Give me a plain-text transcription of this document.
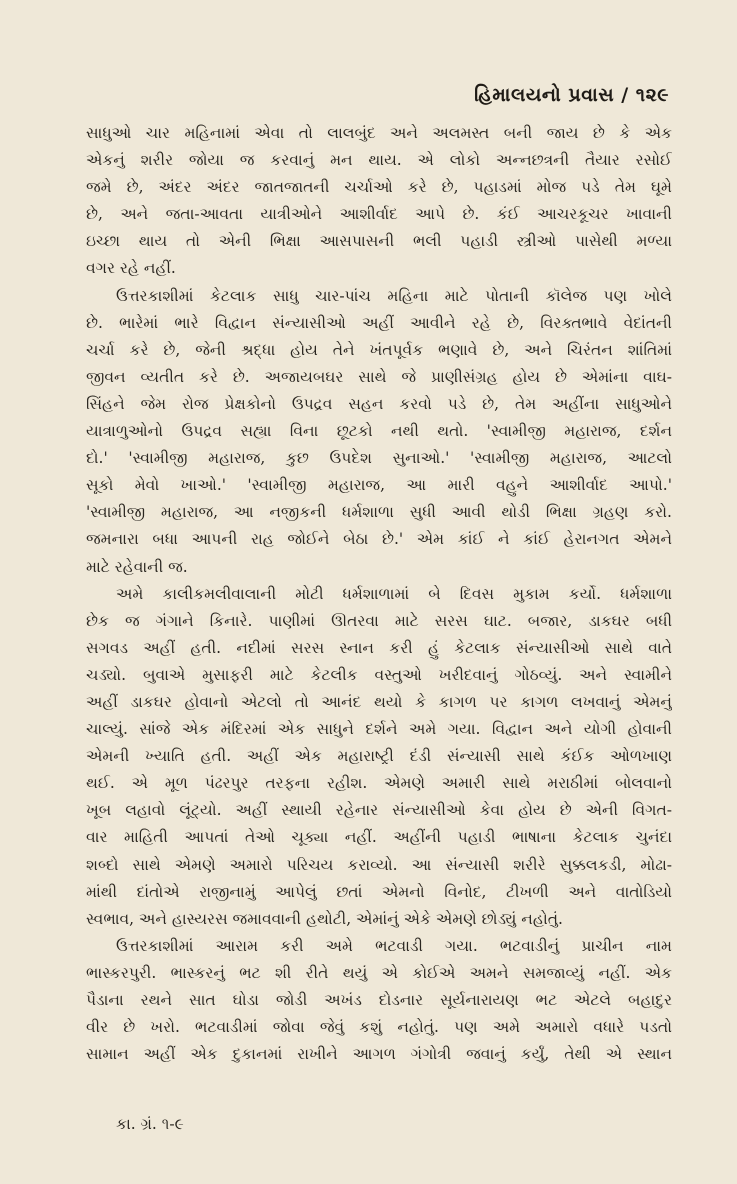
હિમાલયનો પ્રવાસ / ૧૨૯
સાધુઓ ચાર મહિનામાં એવા તો લાલબુંદ અને અલમસ્ત બની જાય છે કે એક
એકનું શરીર જોયા જ કરવાનું મન થાય. એ લોકો અન્નછત્રની તૈયાર રસોઈ
જમે છે, અંદર અંદર જાતજાતની ચર્ચાઓ કરે છે, પહાડમાં મોજ પડે તેમ ઘૂમે
છે, અને જતા-આવતા યાત્રીઓને આશીર્વાદ આપે છે. કંઈ આચરકૂચર ખાવાની
ઇચ્છા થાય તો એની ભિક્ષા આસપાસની ભલી પહાડી સ્ત્રીઓ પાસેથી મળ્યા
વગર રહે નહીં.
ઉત્તરકાશીમાં કેટલાક સાધુ ચાર-પાંચ મહિના માટે પોતાની કૉલેજ પણ ખોલે
છે. ભારેમાં ભારે વિદ્વાન સંન્યાસીઓ અહીં આવીને રહે છે, વિરક્તભાવે વેદાંતની
ચર્ચા કરે છે, જેની શ્રદ્ધા હોય તેને ખંતપૂર્વક ભણાવે છે, અને ચિરંતન શાંતિમાં
જીવન વ્યતીત કરે છે. અજાયબઘર સાથે જે પ્રાણીસંગ્રહ હોય છે એમાંના વાઘ-
સિંહને જેમ રોજ પ્રેક્ષકોનો ઉપદ્રવ સહન કરવો પડે છે, તેમ અહીંના સાધુઓને
યાત્રાળુઓનો ઉપદ્રવ સહ્યા વિના છૂટકો નથી થતો. 'સ્વામીજી મહારાજ, દર્શન
દો.' 'સ્વામીજી મહારાજ, કુછ ઉપદેશ સુનાઓ.' 'સ્વામીજી મહારાજ, આટલો
સૂકો મેવો ખાઓ.' 'સ્વામીજી મહારાજ, આ મારી વહુને આશીર્વાદ આપો.'
'સ્વામીજી મહારાજ, આ નજીકની ધર્મશાળા સુધી આવી થોડી ભિક્ષા ગ્રહણ કરો.
જમનારા બધા આપની રાહ જોઈને બેઠા છે.' એમ કાંઈ ને કાંઈ હેરાનગત એમને
માટે રહેવાની જ.
અમે કાલીકમલીવાલાની મોટી ધર્મશાળામાં બે દિવસ મુકામ કર્યો. ધર્મશાળા
છેક જ ગંગાને કિનારે. પાણીમાં ઊતરવા માટે સરસ ઘાટ. બજાર, ડાકઘર બધી
સગવડ અહીં હતી. નદીમાં સરસ સ્નાન કરી હું કેટલાક સંન્યાસીઓ સાથે વાતે
ચડ્યો. બુવાએ મુસાફરી માટે કેટલીક વસ્તુઓ ખરીદવાનું ગોઠવ્યું. અને સ્વામીને
અહીં ડાકઘર હોવાનો એટલો તો આનંદ થયો કે કાગળ પર કાગળ લખવાનું એમનું
ચાલ્યું. સાંજે એક મંદિરમાં એક સાધુને દર્શને અમે ગયા. વિદ્વાન અને યોગી હોવાની
એમની ખ્યાતિ હતી. અહીં એક મહારાષ્ટ્રી દંડી સંન્યાસી સાથે કંઈક ઓળખાણ
થઈ. એ મૂળ પંઢરપુર તરફના રહીશ. એમણે અમારી સાથે મરાઠીમાં બોલવાનો
ખૂબ લહાવો લૂંટ્યો. અહીં સ્થાયી રહેનાર સંન્યાસીઓ કેવા હોય છે એની વિગત-
વાર માહિતી આપતાં તેઓ ચૂક્યા નહીં. અહીંની પહાડી ભાષાના કેટલાક ચુનંદા
શબ્દો સાથે એમણે અમારો પરિચય કરાવ્યો. આ સંન્યાસી શરીરે સુક્કલકડી, મોઢા-
માંથી દાંતોએ રાજીનામું આપેલું છતાં એમનો વિનોદ, ટીખળી અને વાતોડિયો
સ્વભાવ, અને હાસ્યરસ જમાવવાની હથોટી, એમાંનું એકે એમણે છોડ્યું નહોતું.
ઉત્તરકાશીમાં આરામ કરી અમે ભટવાડી ગયા. ભટવાડીનું પ્રાચીન નામ
ભાસ્કરપુરી. ભાસ્કરનું ભટ શી રીતે થયું એ કોઈએ અમને સમજાવ્યું નહીં. એક
પૈડાના રથને સાત ઘોડા જોડી અખંડ દોડનાર સૂર્યનારાયણ ભટ એટલે બહાદુર
વીર છે ખરો. ભટવાડીમાં જોવા જેવું કશું નહોતું. પણ અમે અમારો વધારે પડતો
સામાન અહીં એક દુકાનમાં રાખીને આગળ ગંગોત્રી જવાનું કર્યું, તેથી એ સ્થાન
કા. ગ્રં. ૧-૯
